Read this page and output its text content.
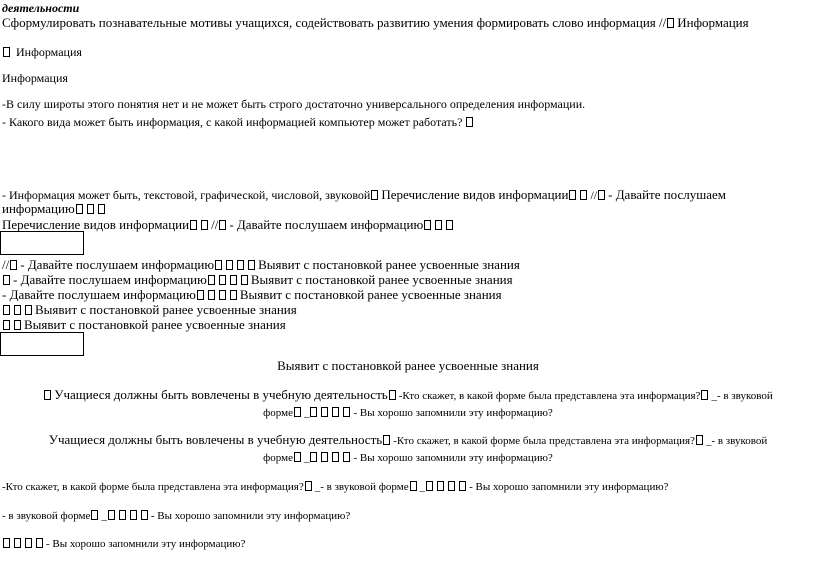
деятельности
Сформулировать познавательные мотивы учащихся, содействовать развитию умения формировать слово информация // Информация
Информация
Информация
-В силу широты этого понятия нет и не может быть строго достаточно универсального определения информации.
- Какого вида может быть информация, с какой информацией компьютер может работать?
- Информация может быть, текстовой, графической, числовой, звуковой Перечисление видов информации // - Давайте послушаем
информацию
Перечисление видов информации // - Давайте послушаем информацию
// - Давайте послушаем информацию	Выявит с постановкой ранее усвоенные знания
- Давайте послушаем информацию	Выявит с постановкой ранее усвоенные знания
- Давайте послушаем информацию	Выявит с постановкой ранее усвоенные знания
Выявит с постановкой ранее усвоенные знания
Выявит с постановкой ранее усвоенные знания
Выявит с постановкой ранее усвоенные знания
Учащиеся должны быть вовлечены в учебную деятельность -Кто скажет, в какой форме была представлена эта информация? _- в звуковой
форме _	- Вы хорошо запомнили эту информацию?
Учащиеся должны быть вовлечены в учебную деятельность -Кто скажет, в какой форме была представлена эта информация? _- в звуковой
форме _	- Вы хорошо запомнили эту информацию?
-Кто скажет, в какой форме была представлена эта информация? _- в звуковой форме _	- Вы хорошо запомнили эту информацию?
- в звуковой форме _	- Вы хорошо запомнили эту информацию?
- Вы хорошо запомнили эту информацию?
